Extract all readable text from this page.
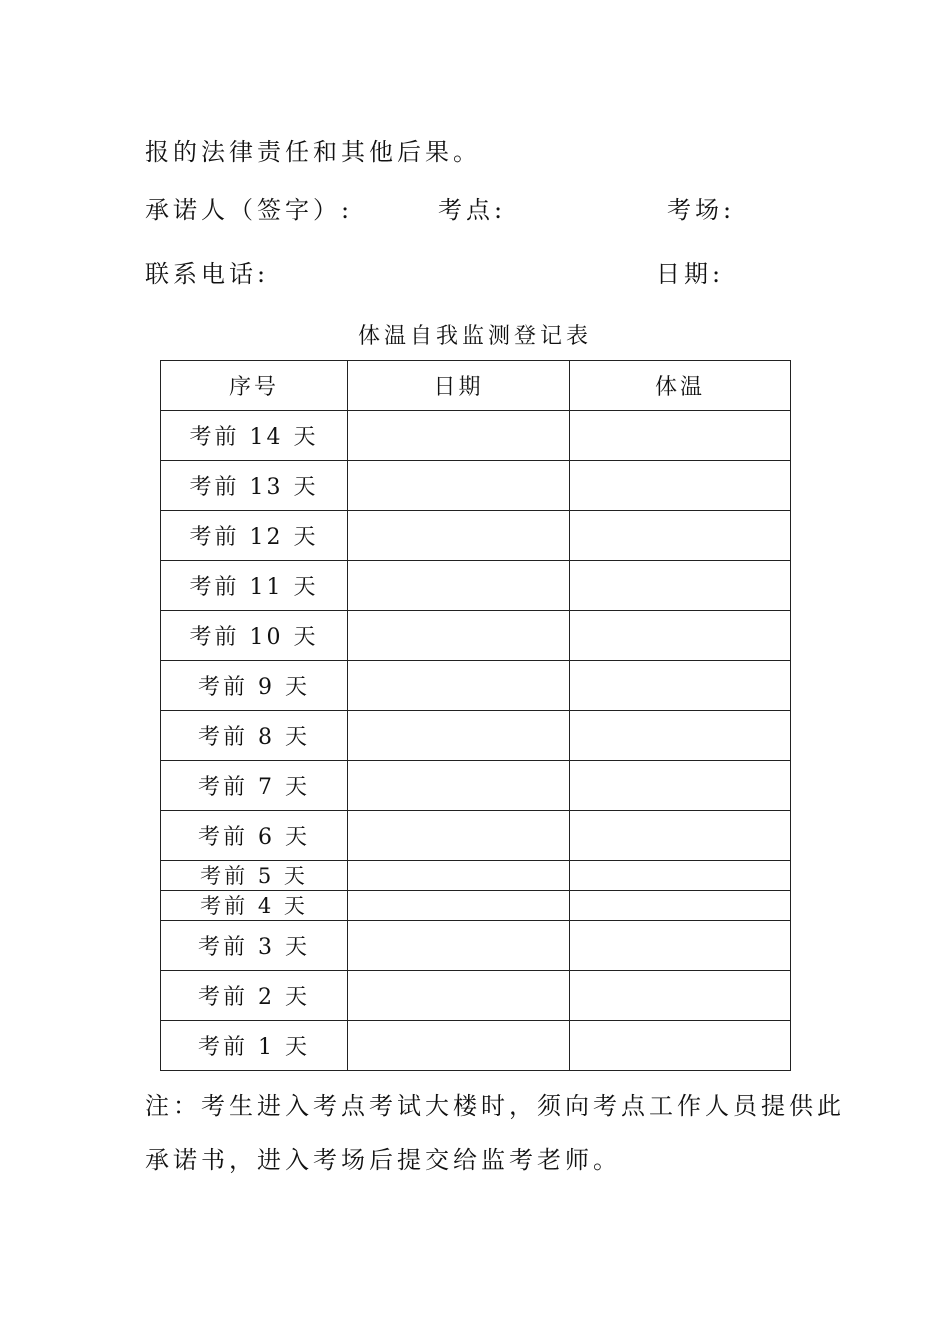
报的法律责任和其他后果。
承诺人（签字）:	考点:	考场:
联系电话:	日期:
体温自我监测登记表
序号	日期	体温
考前 14 天		
考前 13 天		
考前 12 天		
考前 11 天		
考前 10 天		
考前 9 天		
考前 8 天		
考前 7 天		
考前 6 天		
考前 5 天		
考前 4 天		
考前 3 天		
考前 2 天		
考前 1 天		
注：考生进入考点考试大楼时，须向考点工作人员提供此
承诺书，进入考场后提交给监考老师。
